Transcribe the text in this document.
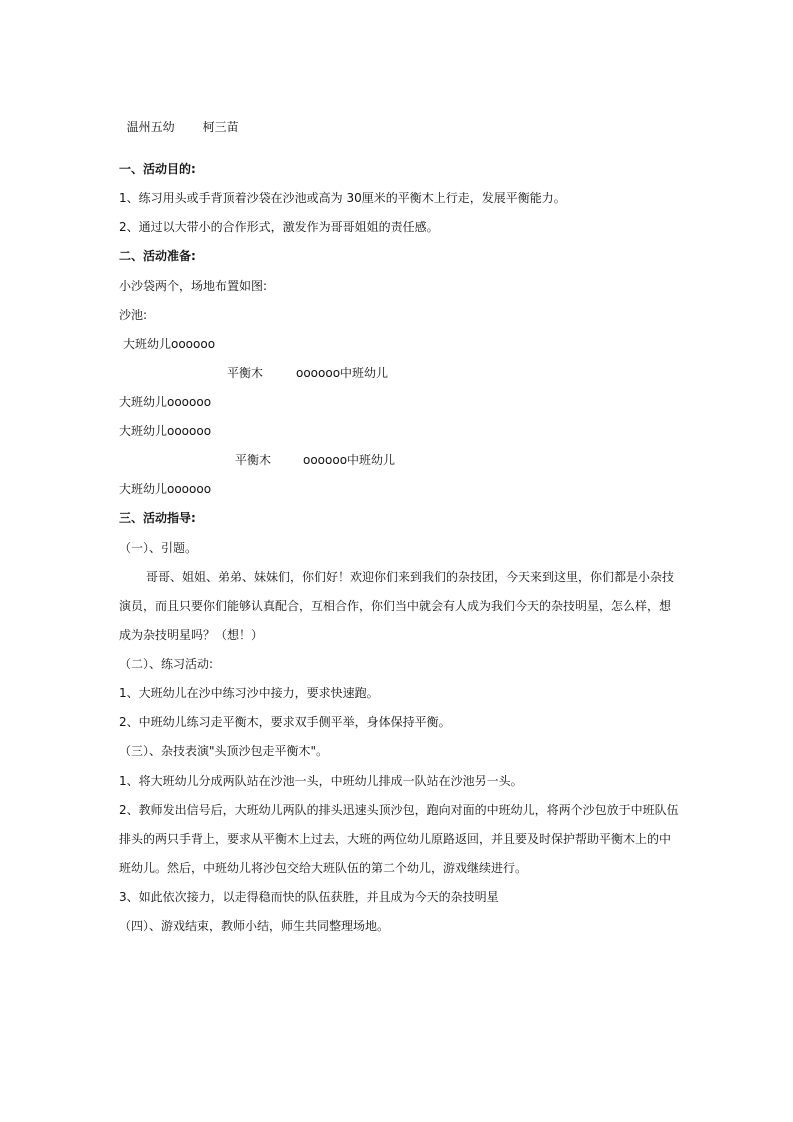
温州五幼 柯三苗

一、活动目的:
1、练习用头或手背顶着沙袋在沙池或高为 30厘米的平衡木上行走，发展平衡能力。
2、通过以大带小的合作形式，激发作为哥哥姐姐的责任感。
二、活动准备:
小沙袋两个，场地布置如图:
沙池:
大班幼儿oooooo
平衡木	oooooo中班幼儿
大班幼儿oooooo
大班幼儿oooooo
平衡木	oooooo中班幼儿
大班幼儿oooooo
三、活动指导:
（一）、引题。
哥哥、姐姐、弟弟、妹妹们，你们好！欢迎你们来到我们的杂技团，今天来到这里，你们都是小杂技
演员，而且只要你们能够认真配合，互相合作，你们当中就会有人成为我们今天的杂技明星，怎么样，想
成为杂技明星吗？（想！）
（二）、练习活动:
1、大班幼儿在沙中练习沙中接力，要求快速跑。
2、中班幼儿练习走平衡木，要求双手侧平举，身体保持平衡。
（三）、杂技表演"头顶沙包走平衡木"。
1、将大班幼儿分成两队站在沙池一头，中班幼儿排成一队站在沙池另一头。
2、教师发出信号后，大班幼儿两队的排头迅速头顶沙包，跑向对面的中班幼儿，将两个沙包放于中班队伍
排头的两只手背上，要求从平衡木上过去，大班的两位幼儿原路返回，并且要及时保护帮助平衡木上的中
班幼儿。然后，中班幼儿将沙包交给大班队伍的第二个幼儿，游戏继续进行。
3、如此依次接力，以走得稳而快的队伍获胜，并且成为今天的杂技明星
（四）、游戏结束，教师小结，师生共同整理场地。
